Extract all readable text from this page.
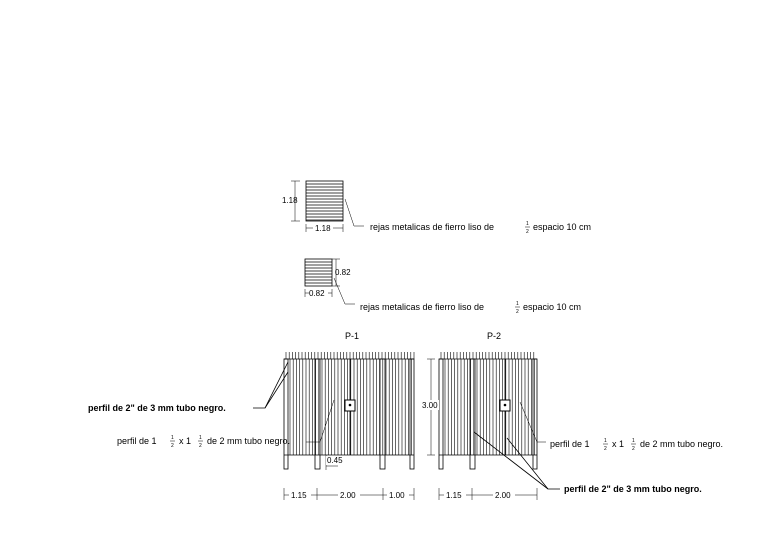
1.18
1.18	rejas metalicas de fierro liso de	1
2 espacio 10 cm
0.82
0.82
rejas metalicas de fierro liso de	1
2 espacio 10 cm
P-1
0.45
1.15	2.00	1.00
perfil de 2" de 3 mm tubo negro.
perfil de 1	1
2 x 1 1
2 de 2 mm tubo negro.
P-2
3.00
1.15	2.00
perfil de 1	1
2 x 1 1
2 de 2 mm tubo negro.
perfil de 2" de 3 mm tubo negro.
